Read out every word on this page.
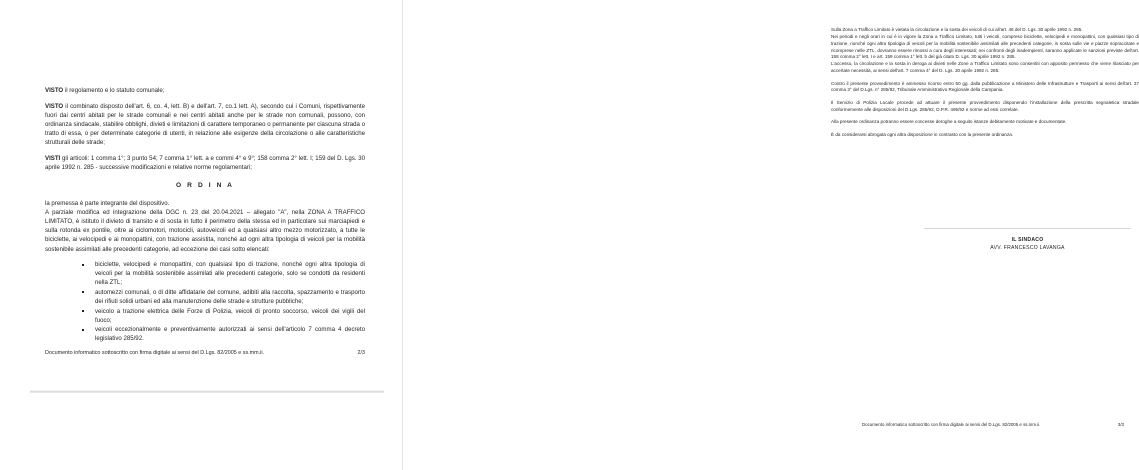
VISTO il regolamento e lo statuto comunale;

VISTO il combinato disposto dell'art. 6, co. 4, lett. B) e dell'art. 7, co.1 lett. A), secondo cui i Comuni, rispettivamente fuori dai centri abitati per le strade comunali e nei centri abitati anche per le strade non comunali, possono, con ordinanza sindacale, stabilire obblighi, divieti e limitazioni di carattere temporaneo o permanente per ciascuna strada o tratto di essa, o per determinate categorie di utenti, in relazione alle esigenze della circolazione o alle caratteristiche strutturali delle strade;

VISTI gli articoli: 1 comma 1°; 3 punto 54; 7 comma 1° lett. a e commi 4° e 9°; 158 comma 2° lett. I; 159 del D. Lgs. 30 aprile 1992 n. 285 - successive modificazioni e relative norme regolamentari;

O R D I N A

la premessa è parte integrante del dispositivo.

A parziale modifica ed integrazione della DGC n. 23 del 20.04.2021 – allegato "A", nella ZONA A TRAFFICO LIMITATO, è istituto il divieto di transito e di sosta in tutto il perimetro della stessa ed in particolare sui marciapiedi e sulla rotonda ex pontile, oltre ai ciclomotori, motocicli, autoveicoli ed a qualsiasi altro mezzo motorizzato, a tutte le biciclette, ai velocipedi e ai monopattini, con trazione assistita, nonché ad ogni altra tipologia di veicoli per la mobilità sostenibile assimilati alle precedenti categorie, ad eccezione dei casi sotto elencati:

biciclette, velocipedi e monopattini, con qualsiasi tipo di trazione, nonché ogni altra tipologia di veicoli per la mobilità sostenibile assimilati alle precedenti categorie, solo se condotti da residenti nella ZTL;
automezzi comunali, o di ditte affidatarie del comune, adibiti alla raccolta, spazzamento e trasporto dei rifiuti solidi urbani ed alla manutenzione delle strade e strutture pubbliche;
veicolo a trazione elettrica delle Forze di Polizia, veicoli di pronto soccorso, veicoli dei vigili del fuoco;
veicoli eccezionalmente e preventivamente autorizzati ai sensi dell'articolo 7 comma 4 decreto legislativo 285/92.
Documento informatico sottoscritto con firma digitale ai sensi del D.Lgs. 82/2005 e ss.mm.ii.	2/3

Sulla Zona a Traffico Limitato è vietata la circolazione e la sosta dei veicoli di cui all'art. 46 del D. Lgs. 30 aprile 1992 n. 285.

Nei periodi e negli orari in cui è in vigore la Zona a Traffico Limitato, tutti i veicoli, compreso biciclette, velocipedi e monopattini, con qualsiasi tipo di trazione, nonché ogni altra tipologia di veicoli per la mobilità sostenibile assimilati alle precedenti categorie, in sosta sulle vie e piazze sopraccitate e ricomprese nelle ZTL, dovranno essere rimossi a cura degli interessati; nei confronti degli inadempienti, saranno applicate le sanzioni previste dell'art. 158 comma 2° lett. I e art. 159 comma 1° lett. b del già citato D. Lgs. 30 aprile 1992 n. 285.

L'accesso, la circolazione e la sosta in deroga ai divieti nelle Zone a Traffico Limitato sono consentiti con apposito permesso che viene rilasciato per accertate necessità, ai sensi dell'art. 7 comma 4° del D. Lgs. 30 aprile 1992 n. 285.

Contro il presente provvedimento è ammesso ricorso entro 60 gg. dalla pubblicazione a Ministero delle Infrastrutture e Trasporti ai sensi dell'art. 37 comma 3° del D.Lgs. n° 285/92, Tribunale Amministrativo Regionale della Campania.

Il Servizio di Polizia Locale procede ad attuare il presente provvedimento disponendo l'installazione della prescritta segnaletica stradale conformemente alle disposizioni del D.Lgs. 285/92, D.P.R. 495/92 e norme ad essi correlate.

Alla presente ordinanza potranno essere concesse deroghe a seguito istanze debitamente motivate e documentate.

È da considerarsi abrogata ogni altra disposizione in contrasto con la presente ordinanza.

IL SINDACO
AVV. FRANCESCO LAVANGA
Documento informatico sottoscritto con firma digitale ai sensi del D.Lgs. 82/2005 e ss.mm.ii.	3/3
